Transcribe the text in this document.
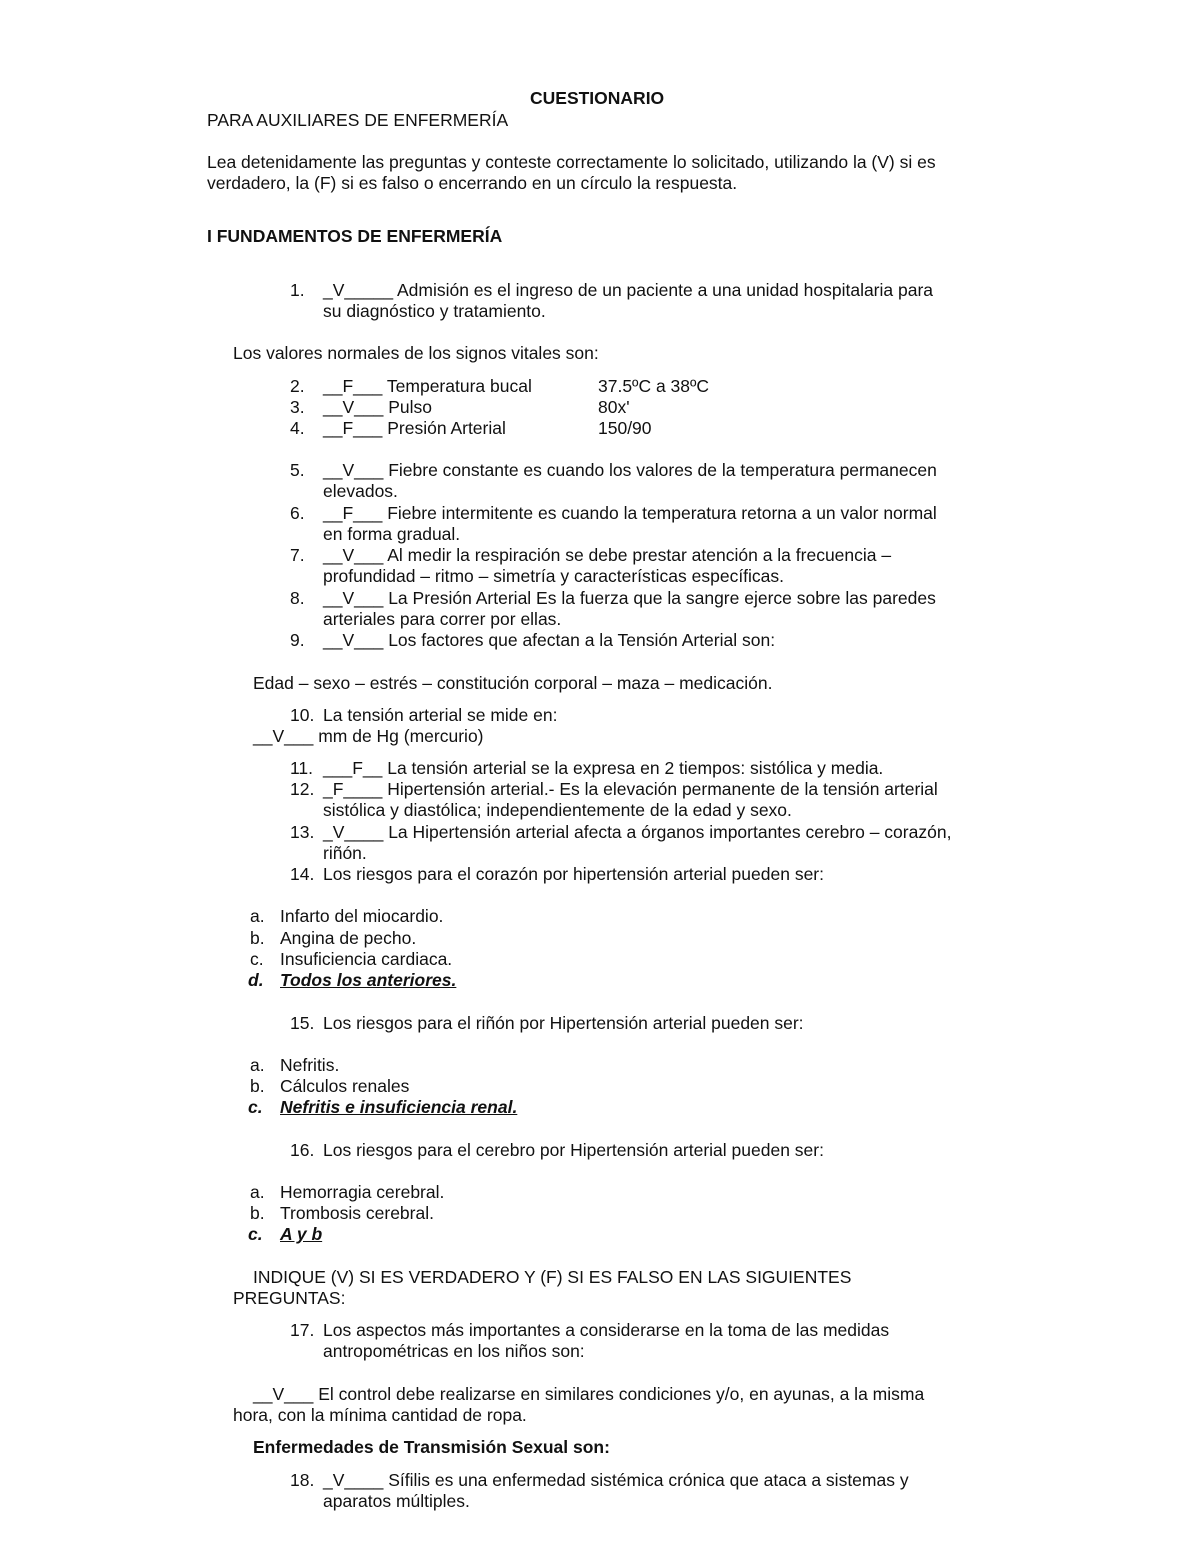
CUESTIONARIO
PARA AUXILIARES DE ENFERMERÍA
Lea detenidamente las preguntas y conteste correctamente lo solicitado, utilizando la (V) si es
verdadero, la (F) si es falso o encerrando en un círculo la respuesta.
I FUNDAMENTOS DE ENFERMERÍA
1. _V_____ Admisión es el ingreso de un paciente a una unidad hospitalaria para
su diagnóstico y tratamiento.
Los valores normales de los signos vitales son:
2. __F___ Temperatura bucal	37.5ºC a 38ºC
3. __V___ Pulso	80x'
4. __F___ Presión Arterial	150/90
5. __V___ Fiebre constante es cuando los valores de la temperatura permanecen
elevados.
6. __F___ Fiebre intermitente es cuando la temperatura retorna a un valor normal
en forma gradual.
7. __V___ Al medir la respiración se debe prestar atención a la frecuencia –
profundidad – ritmo – simetría y características específicas.
8. __V___ La Presión Arterial Es la fuerza que la sangre ejerce sobre las paredes
arteriales para correr por ellas.
9. __V___ Los factores que afectan a la Tensión Arterial son:
Edad – sexo – estrés – constitución corporal – maza – medicación.
10. La tensión arterial se mide en:
__V___ mm de Hg (mercurio)
11. ___F__ La tensión arterial se la expresa en 2 tiempos: sistólica y media.
12. _F____ Hipertensión arterial.- Es la elevación permanente de la tensión arterial
sistólica y diastólica; independientemente de la edad y sexo.
13. _V____ La Hipertensión arterial afecta a órganos importantes cerebro – corazón,
riñón.
14. Los riesgos para el corazón por hipertensión arterial pueden ser:
a. Infarto del miocardio.
b. Angina de pecho.
c. Insuficiencia cardiaca.
d. Todos los anteriores.
15. Los riesgos para el riñón por Hipertensión arterial pueden ser:
a. Nefritis.
b. Cálculos renales
c. Nefritis e insuficiencia renal.
16. Los riesgos para el cerebro por Hipertensión arterial pueden ser:
a. Hemorragia cerebral.
b. Trombosis cerebral.
c. A y b
INDIQUE (V) SI ES VERDADERO Y (F) SI ES FALSO EN LAS SIGUIENTES
PREGUNTAS:
17. Los aspectos más importantes a considerarse en la toma de las medidas
antropométricas en los niños son:
__V___ El control debe realizarse en similares condiciones y/o, en ayunas, a la misma
hora, con la mínima cantidad de ropa.
Enfermedades de Transmisión Sexual son:
18. _V____ Sífilis es una enfermedad sistémica crónica que ataca a sistemas y
aparatos múltiples.
